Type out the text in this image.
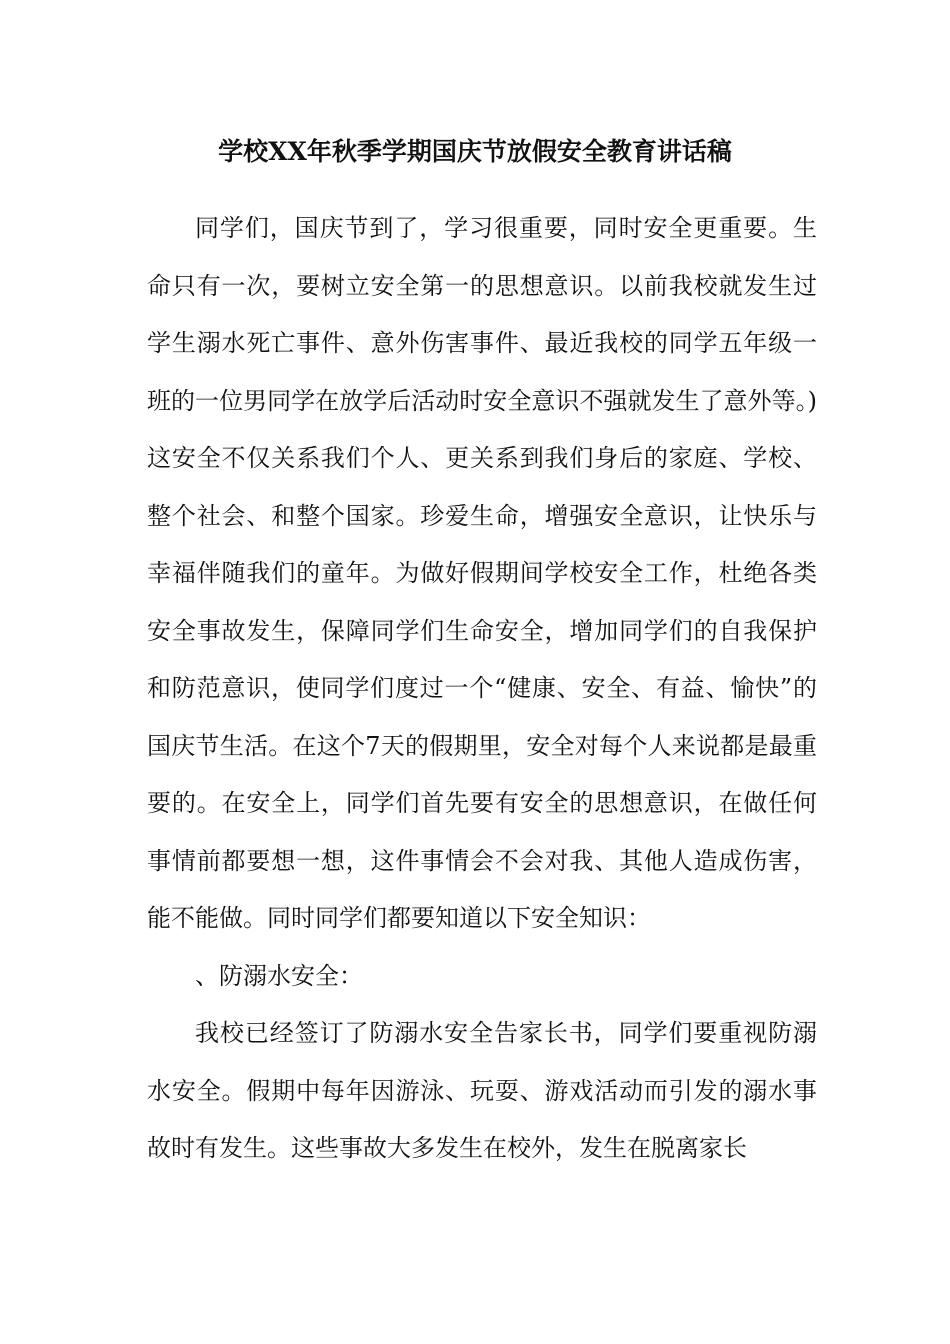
学校XX年秋季学期国庆节放假安全教育讲话稿

同学们，国庆节到了，学习很重要，同时安全更重要。生命只有一次，要树立安全第一的思想意识。以前我校就发生过学生溺水死亡事件、意外伤害事件、最近我校的同学五年级一班的一位男同学在放学后活动时安全意识不强就发生了意外等。)这安全不仅关系我们个人、更关系到我们身后的家庭、学校、整个社会、和整个国家。珍爱生命，增强安全意识，让快乐与幸福伴随我们的童年。为做好假期间学校安全工作，杜绝各类安全事故发生，保障同学们生命安全，增加同学们的自我保护和防范意识，使同学们度过一个“健康、安全、有益、愉快”的国庆节生活。在这个7天的假期里，安全对每个人来说都是最重要的。在安全上，同学们首先要有安全的思想意识，在做任何事情前都要想一想，这件事情会不会对我、其他人造成伤害，能不能做。同时同学们都要知道以下安全知识：

、防溺水安全：

我校已经签订了防溺水安全告家长书，同学们要重视防溺水安全。假期中每年因游泳、玩耍、游戏活动而引发的溺水事故时有发生。这些事故大多发生在校外，发生在脱离家长
